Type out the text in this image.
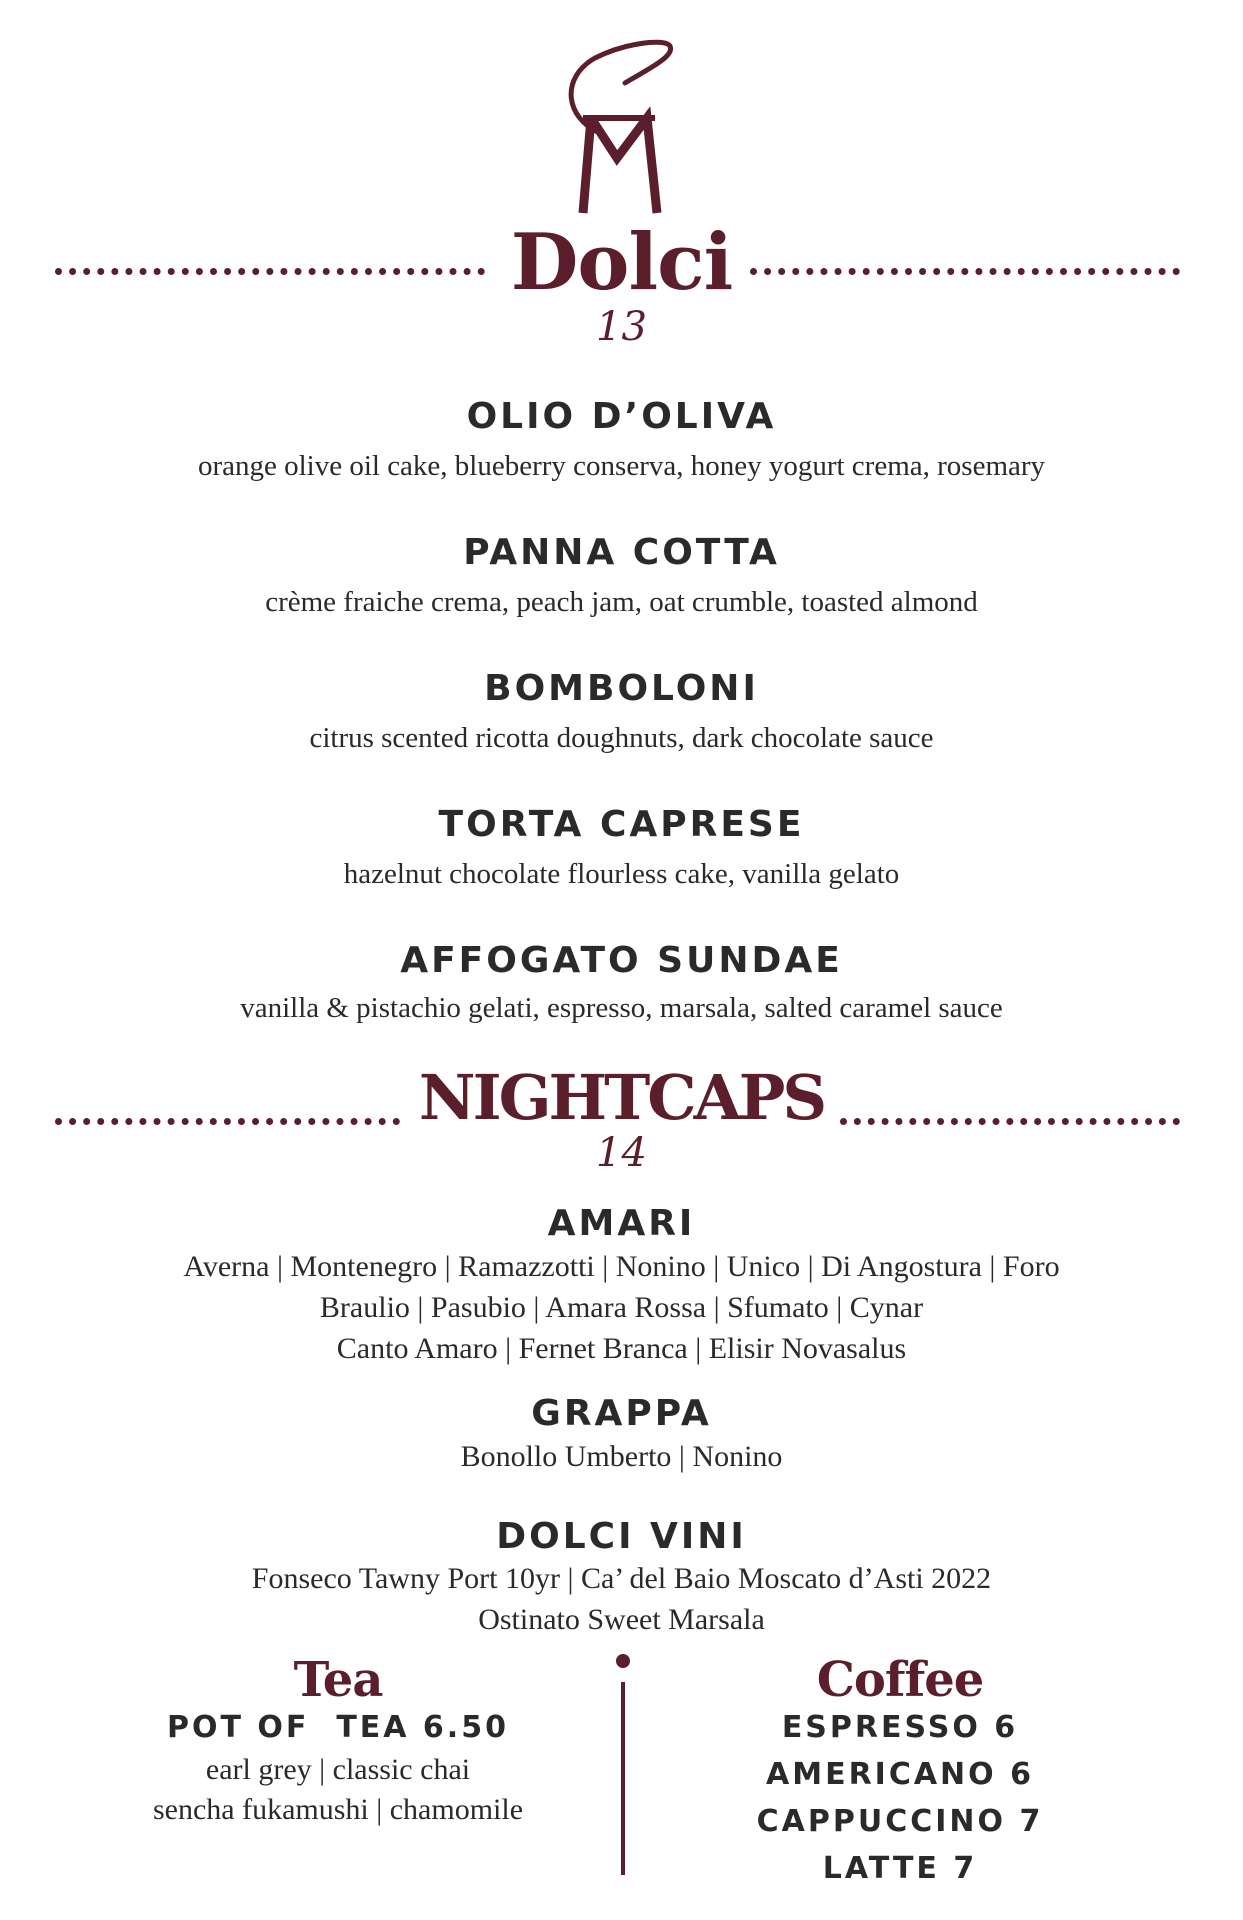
Dolci
13
OLIO D’OLIVA
orange olive oil cake, blueberry conserva, honey yogurt crema, rosemary
PANNA COTTA
crème fraiche crema, peach jam, oat crumble, toasted almond
BOMBOLONI
citrus scented ricotta doughnuts, dark chocolate sauce
TORTA CAPRESE
hazelnut chocolate flourless cake, vanilla gelato
AFFOGATO SUNDAE
vanilla & pistachio gelati, espresso, marsala, salted caramel sauce
NIGHTCAPS
14
AMARI
Averna | Montenegro | Ramazzotti | Nonino | Unico | Di Angostura | Foro
Braulio | Pasubio | Amara Rossa | Sfumato | Cynar
Canto Amaro | Fernet Branca | Elisir Novasalus
GRAPPA
Bonollo Umberto | Nonino
DOLCI VINI
Fonseco Tawny Port 10yr | Ca’ del Baio Moscato d’Asti 2022
Ostinato Sweet Marsala
Tea
POT OF  TEA 6.50
earl grey | classic chai
sencha fukamushi | chamomile
Coffee
ESPRESSO 6
AMERICANO 6
CAPPUCCINO 7
LATTE 7
